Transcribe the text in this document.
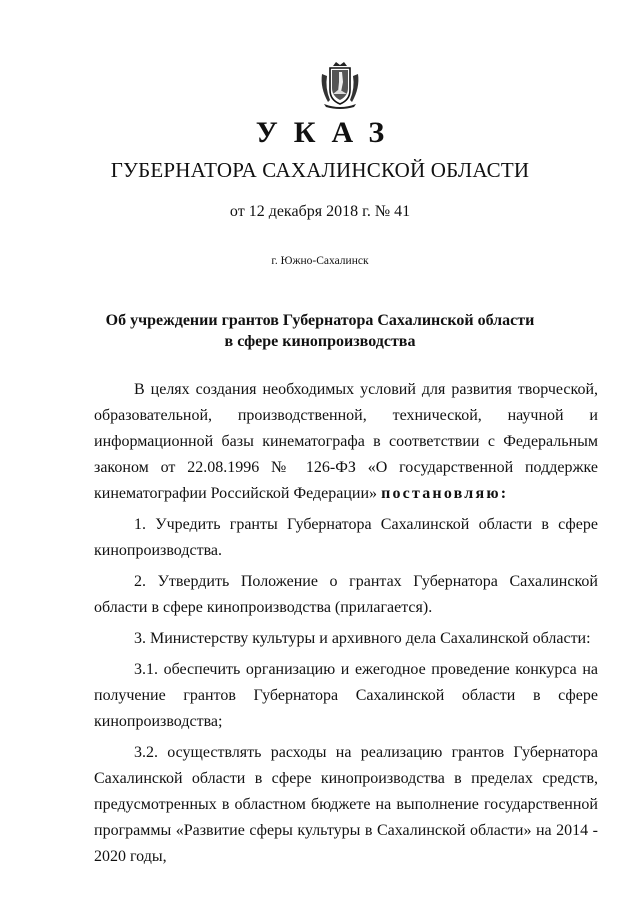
УКАЗ
ГУБЕРНАТОРА САХАЛИНСКОЙ ОБЛАСТИ
от 12 декабря 2018 г. № 41
г. Южно-Сахалинск
Об учреждении грантов Губернатора Сахалинской области
в сфере кинопроизводства

В целях создания необходимых условий для развития творческой, образовательной, производственной, технической, научной и информационной базы кинематографа в соответствии с Федеральным законом от 22.08.1996 № 126-ФЗ «О государственной поддержке кинематографии Российской Федерации» постановляю:

1. Учредить гранты Губернатора Сахалинской области в сфере кинопроизводства.

2. Утвердить Положение о грантах Губернатора Сахалинской области в сфере кинопроизводства (прилагается).

3. Министерству культуры и архивного дела Сахалинской области:

3.1. обеспечить организацию и ежегодное проведение конкурса на получение грантов Губернатора Сахалинской области в сфере кинопроизводства;

3.2. осуществлять расходы на реализацию грантов Губернатора Сахалинской области в сфере кинопроизводства в пределах средств, предусмотренных в областном бюджете на выполнение государственной программы «Развитие сферы культуры в Сахалинской области» на 2014 - 2020 годы,
